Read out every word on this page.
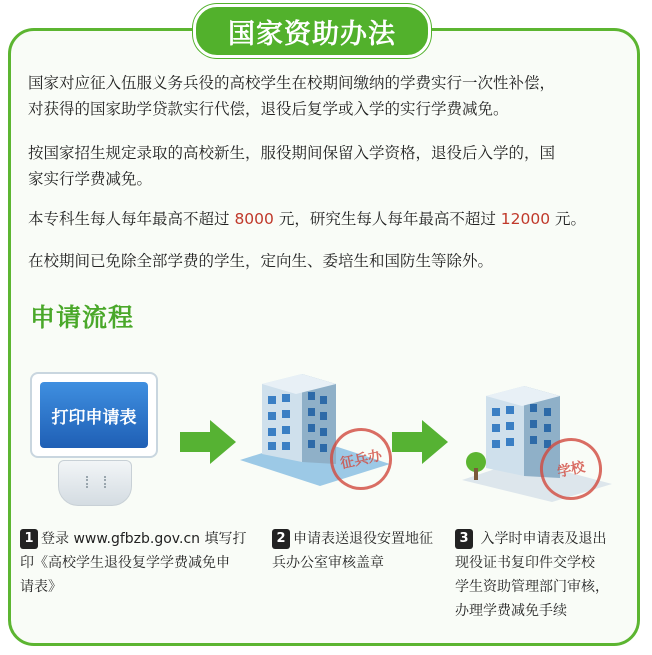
国家资助办法
国家对应征入伍服义务兵役的高校学生在校期间缴纳的学费实行一次性补偿，
对获得的国家助学贷款实行代偿，退役后复学或入学的实行学费减免。
按国家招生规定录取的高校新生，服役期间保留入学资格，退役后入学的，国
家实行学费减免。
本专科生每人每年最高不超过 8000 元，研究生每人每年最高不超过 12000 元。
在校期间已免除全部学费的学生，定向生、委培生和国防生等除外。
申请流程
打印申请表
征兵办	学校
1 登录 www.gfbzb.gov.cn 填写打
印《高校学生退役复学学费减免申
请表》
2 申请表送退役安置地征
兵办公室审核盖章
3 入学时申请表及退出
现役证书复印件交学校
学生资助管理部门审核，
办理学费减免手续
